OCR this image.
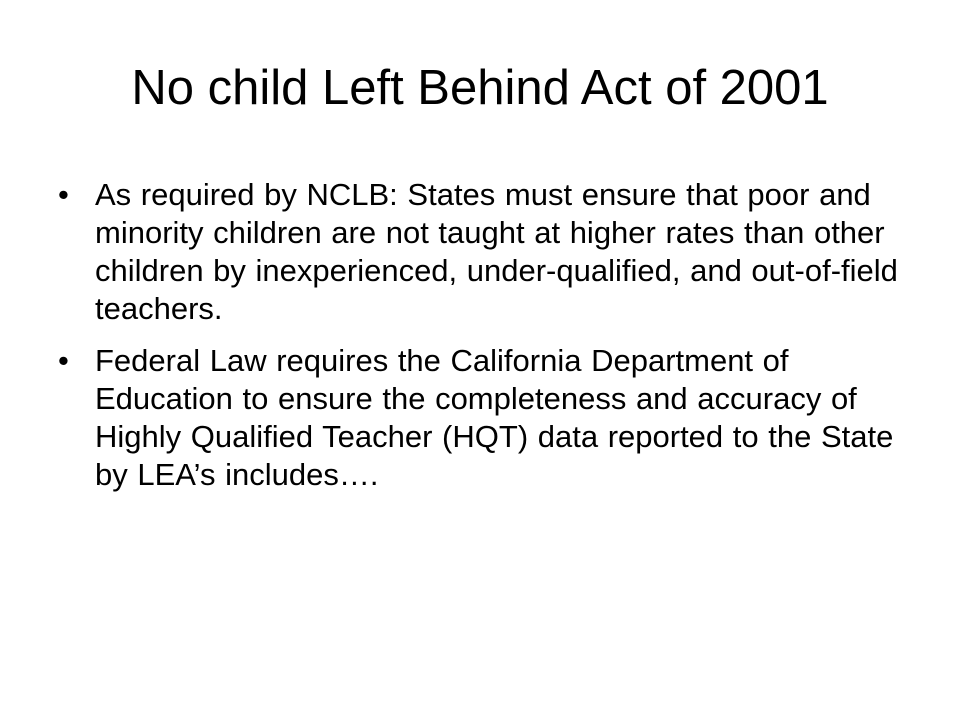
No child Left Behind Act of 2001
• As required by NCLB: States must ensure that poor and minority children are not taught at higher rates than other children by inexperienced, under-qualified, and out-of-field teachers.
• Federal Law requires the California Department of Education to ensure the completeness and accuracy of Highly Qualified Teacher (HQT) data reported to the State by LEA’s includes….
